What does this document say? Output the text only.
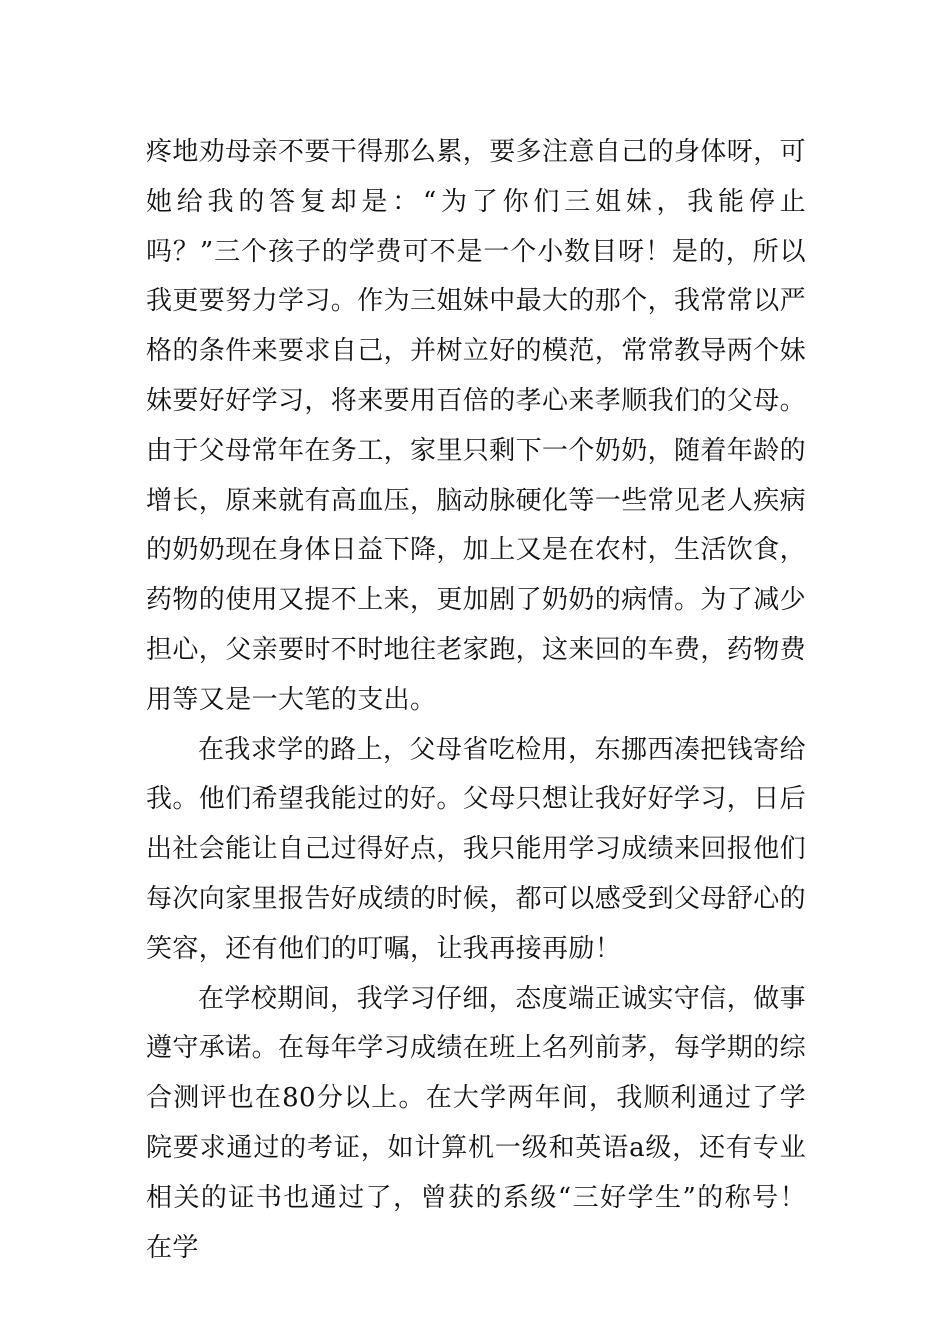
疼地劝母亲不要干得那么累，要多注意自己的身体呀，可她给我的答复却是：“为了你们三姐妹，我能停止吗？”三个孩子的学费可不是一个小数目呀！是的，所以我更要努力学习。作为三姐妹中最大的那个，我常常以严格的条件来要求自己，并树立好的模范，常常教导两个妹妹要好好学习，将来要用百倍的孝心来孝顺我们的父母。由于父母常年在务工，家里只剩下一个奶奶，随着年龄的增长，原来就有高血压，脑动脉硬化等一些常见老人疾病的奶奶现在身体日益下降，加上又是在农村，生活饮食，药物的使用又提不上来，更加剧了奶奶的病情。为了减少担心，父亲要时不时地往老家跑，这来回的车费，药物费用等又是一大笔的支出。

在我求学的路上，父母省吃检用，东挪西凑把钱寄给我。他们希望我能过的好。父母只想让我好好学习，日后出社会能让自己过得好点，我只能用学习成绩来回报他们每次向家里报告好成绩的时候，都可以感受到父母舒心的笑容，还有他们的叮嘱，让我再接再励！

在学校期间，我学习仔细，态度端正诚实守信，做事遵守承诺。在每年学习成绩在班上名列前茅，每学期的综合测评也在80分以上。在大学两年间，我顺利通过了学院要求通过的考证，如计算机一级和英语a级，还有专业相关的证书也通过了，曾获的系级“三好学生”的称号！在学
